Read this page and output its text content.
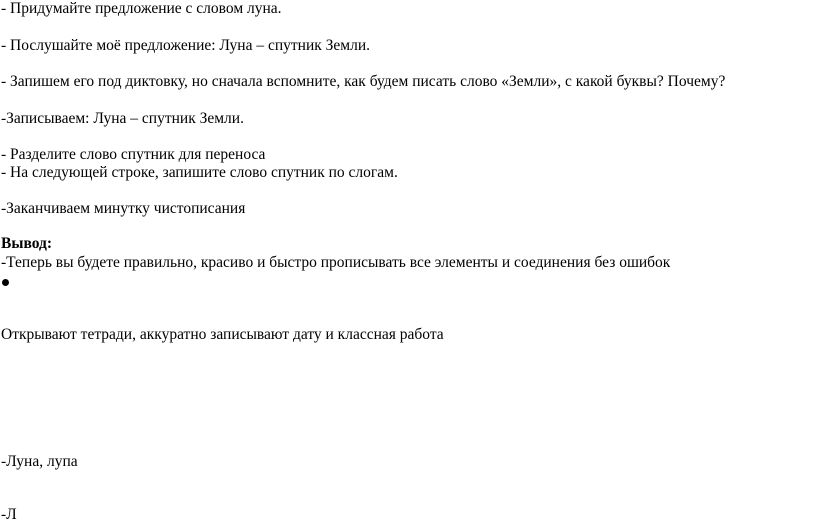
- Придумайте предложение с словом луна.
- Послушайте моё предложение: Луна – спутник Земли.
- Запишем его под диктовку, но сначала вспомните, как будем писать слово «Земли», с какой буквы? Почему?
-Записываем: Луна – спутник Земли.
- Разделите слово спутник для переноса
- На следующей строке, запишите слово спутник по слогам.
-Заканчиваем минутку чистописания
Вывод:
-Теперь вы будете правильно, красиво и быстро прописывать все элементы и соединения без ошибок
Открывают тетради, аккуратно записывают дату и классная работа
-Луна, лупа
-Л
